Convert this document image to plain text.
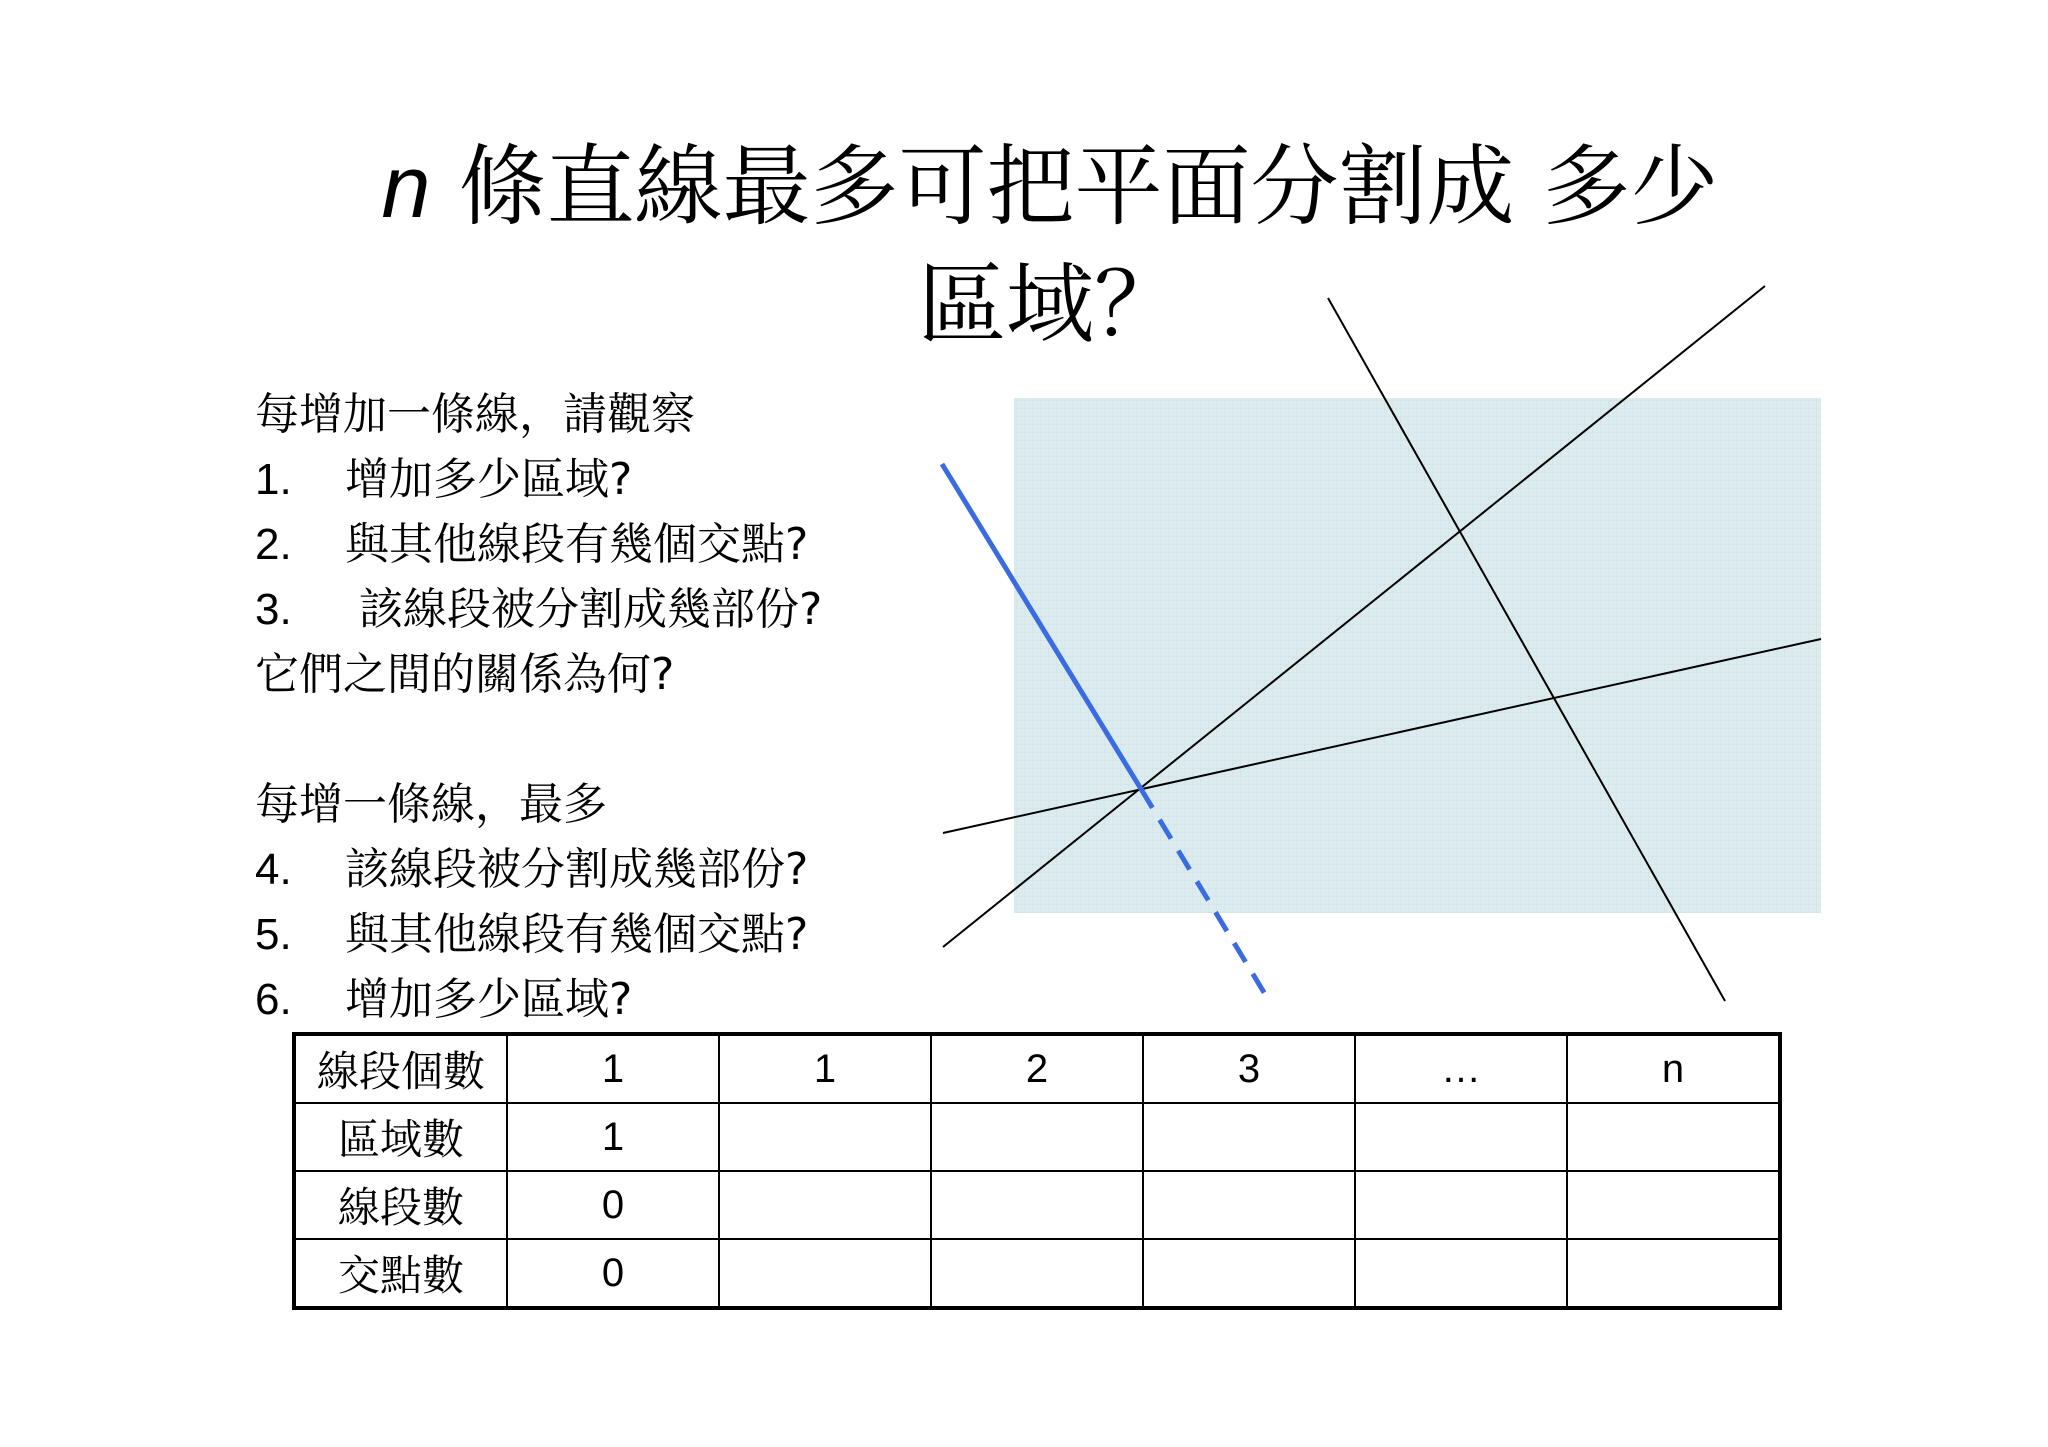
n 條直線最多可把平面分割成 多少
區域？
每增加一條線，請觀察
1. 增加多少區域?
2. 與其他線段有幾個交點?
3. 該線段被分割成幾部份?
它們之間的關係為何?
每增一條線，最多
4. 該線段被分割成幾部份?
5. 與其他線段有幾個交點?
6. 增加多少區域?
線段個數	1	1	2	3	…	n
區域數	1					
線段數	0					
交點數	0					
